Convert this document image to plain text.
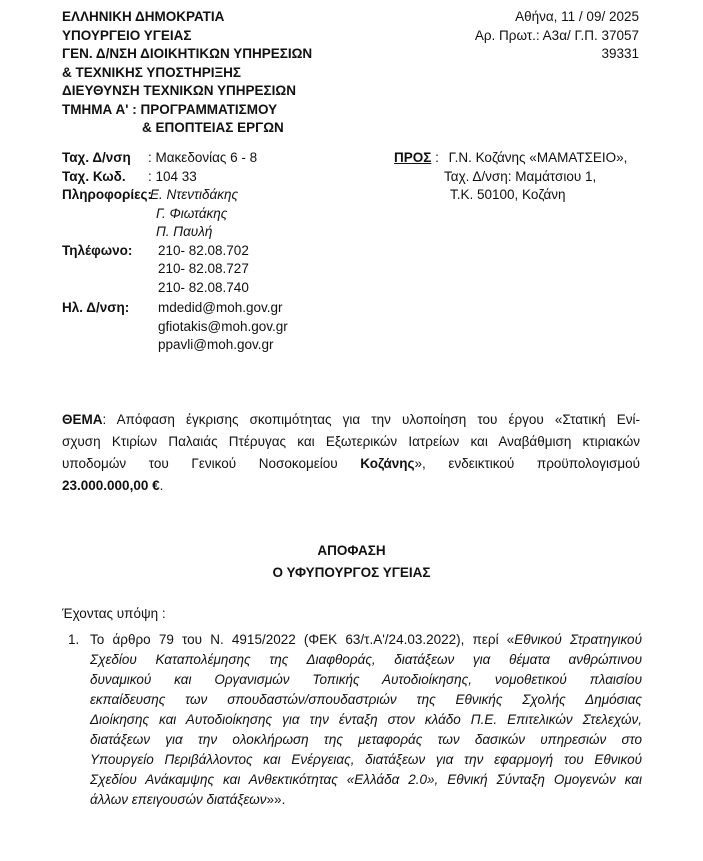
ΕΛΛΗΝΙΚΗ ΔΗΜΟΚΡΑΤΙΑ
ΥΠΟΥΡΓΕΙΟ ΥΓΕΙΑΣ
ΓΕΝ. Δ/ΝΣΗ ΔΙΟΙΚΗΤΙΚΩΝ ΥΠΗΡΕΣΙΩΝ
& ΤΕΧΝΙΚΗΣ ΥΠΟΣΤΗΡΙΞΗΣ
ΔΙΕΥΘΥΝΣΗ ΤΕΧΝΙΚΩΝ ΥΠΗΡΕΣΙΩΝ
ΤΜΗΜΑ Α' : ΠΡΟΓΡΑΜΜΑΤΙΣΜΟΥ
& ΕΠΟΠΤΕΙΑΣ ΕΡΓΩΝ
Αθήνα, 11 / 09/ 2025
Αρ. Πρωτ.: Α3α/ Γ.Π. 37057
39331
Ταχ. Δ/νση	: Μακεδονίας 6 - 8
Ταχ. Κωδ.	: 104 33
Πληροφορίες:
Ε. Ντεντιδάκης
Γ. Φιωτάκης
Π. Παυλή
Τηλέφωνο:	210- 82.08.702
210- 82.08.727
210- 82.08.740
Ηλ. Δ/νση:	mdedid@moh.gov.gr
gfiotakis@moh.gov.gr
ppavli@moh.gov.gr
ΠΡΟΣ : Γ.Ν. Κοζάνης «ΜΑΜΑΤΣΕΙΟ»,
Ταχ. Δ/νση: Μαμάτσιου 1,
Τ.Κ. 50100, Κοζάνη
ΘΕΜΑ: Απόφαση έγκρισης σκοπιμότητας για την υλοποίηση του έργου «Στατική Ενί-
σχυση Κτιρίων Παλαιάς Πτέρυγας και Εξωτερικών Ιατρείων και Αναβάθμιση κτιριακών
υποδομών του Γενικού Νοσοκομείου Κοζάνης», ενδεικτικού προϋπολογισμού
23.000.000,00 €.
ΑΠΟΦΑΣΗ
Ο ΥΦΥΠΟΥΡΓΟΣ ΥΓΕΙΑΣ
Έχοντας υπόψη :
1. Το άρθρο 79 του Ν. 4915/2022 (ΦΕΚ 63/τ.Α'/24.03.2022), περί «Εθνικού Στρατηγικού
Σχεδίου Καταπολέμησης της Διαφθοράς, διατάξεων για θέματα ανθρώπινου
δυναμικού και Οργανισμών Τοπικής Αυτοδιοίκησης, νομοθετικού πλαισίου
εκπαίδευσης των σπουδαστών/σπουδαστριών της Εθνικής Σχολής Δημόσιας
Διοίκησης και Αυτοδιοίκησης για την ένταξη στον κλάδο Π.Ε. Επιτελικών Στελεχών,
διατάξεων για την ολοκλήρωση της μεταφοράς των δασικών υπηρεσιών στο
Υπουργείο Περιβάλλοντος και Ενέργειας, διατάξεων για την εφαρμογή του Εθνικού
Σχεδίου Ανάκαμψης και Ανθεκτικότητας «Ελλάδα 2.0», Εθνική Σύνταξη Ομογενών και
άλλων επειγουσών διατάξεων»».
